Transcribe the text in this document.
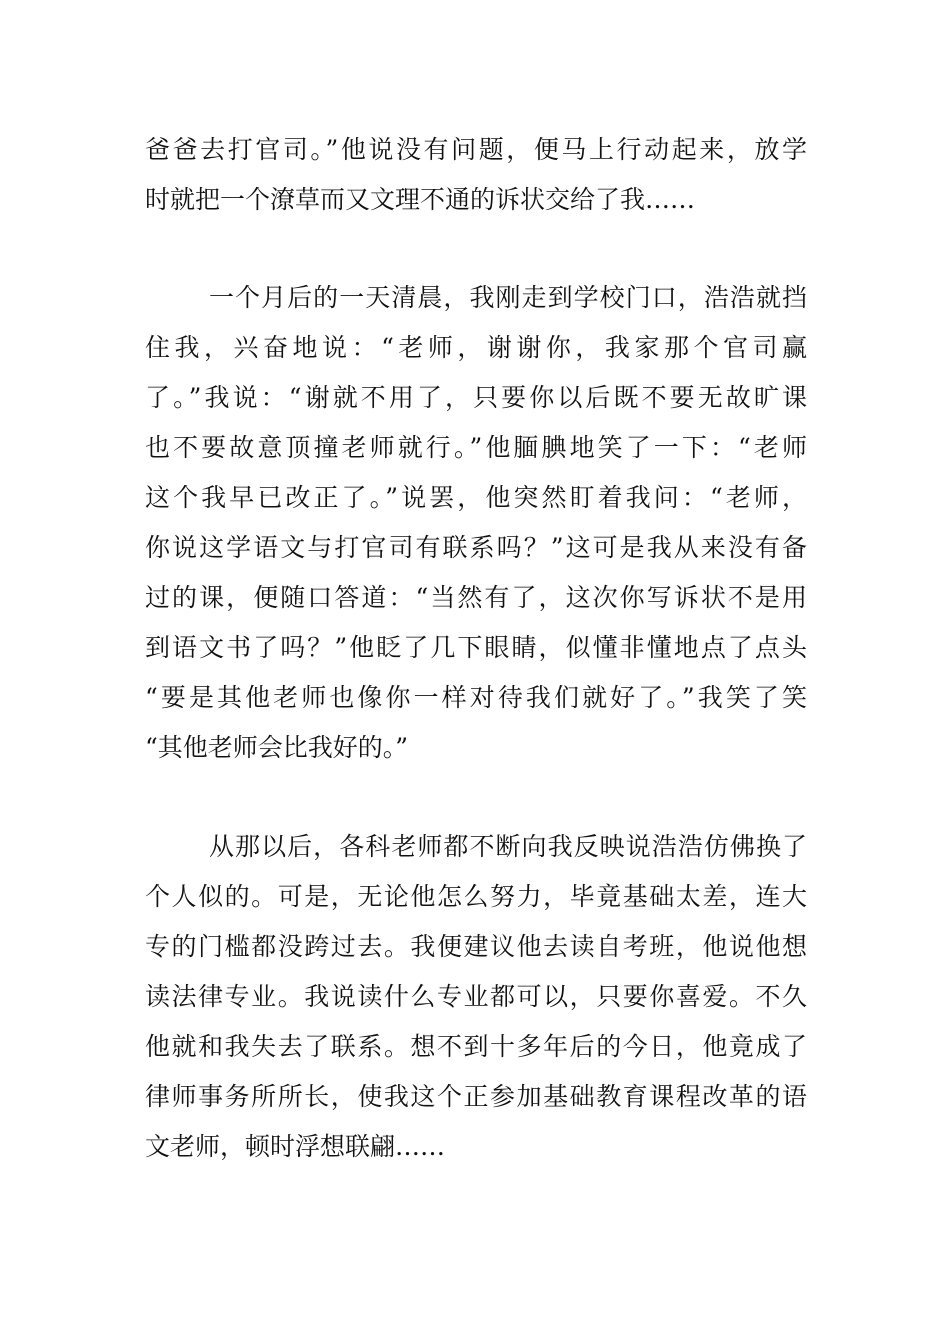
爸爸去打官司。”他说没有问题，便马上行动起来，放学
时就把一个潦草而又文理不通的诉状交给了我……
一个月后的一天清晨，我刚走到学校门口，浩浩就挡
住我，兴奋地说：“老师，谢谢你，我家那个官司赢
了。”我说：“谢就不用了，只要你以后既不要无故旷课
也不要故意顶撞老师就行。”他腼腆地笑了一下：“老师
这个我早已改正了。”说罢，他突然盯着我问：“老师，
你说这学语文与打官司有联系吗？”这可是我从来没有备
过的课，便随口答道：“当然有了，这次你写诉状不是用
到语文书了吗？”他眨了几下眼睛，似懂非懂地点了点头
“要是其他老师也像你一样对待我们就好了。”我笑了笑
“其他老师会比我好的。”
从那以后，各科老师都不断向我反映说浩浩仿佛换了
个人似的。可是，无论他怎么努力，毕竟基础太差，连大
专的门槛都没跨过去。我便建议他去读自考班，他说他想
读法律专业。我说读什么专业都可以，只要你喜爱。不久
他就和我失去了联系。想不到十多年后的今日，他竟成了
律师事务所所长，使我这个正参加基础教育课程改革的语
文老师，顿时浮想联翩……
